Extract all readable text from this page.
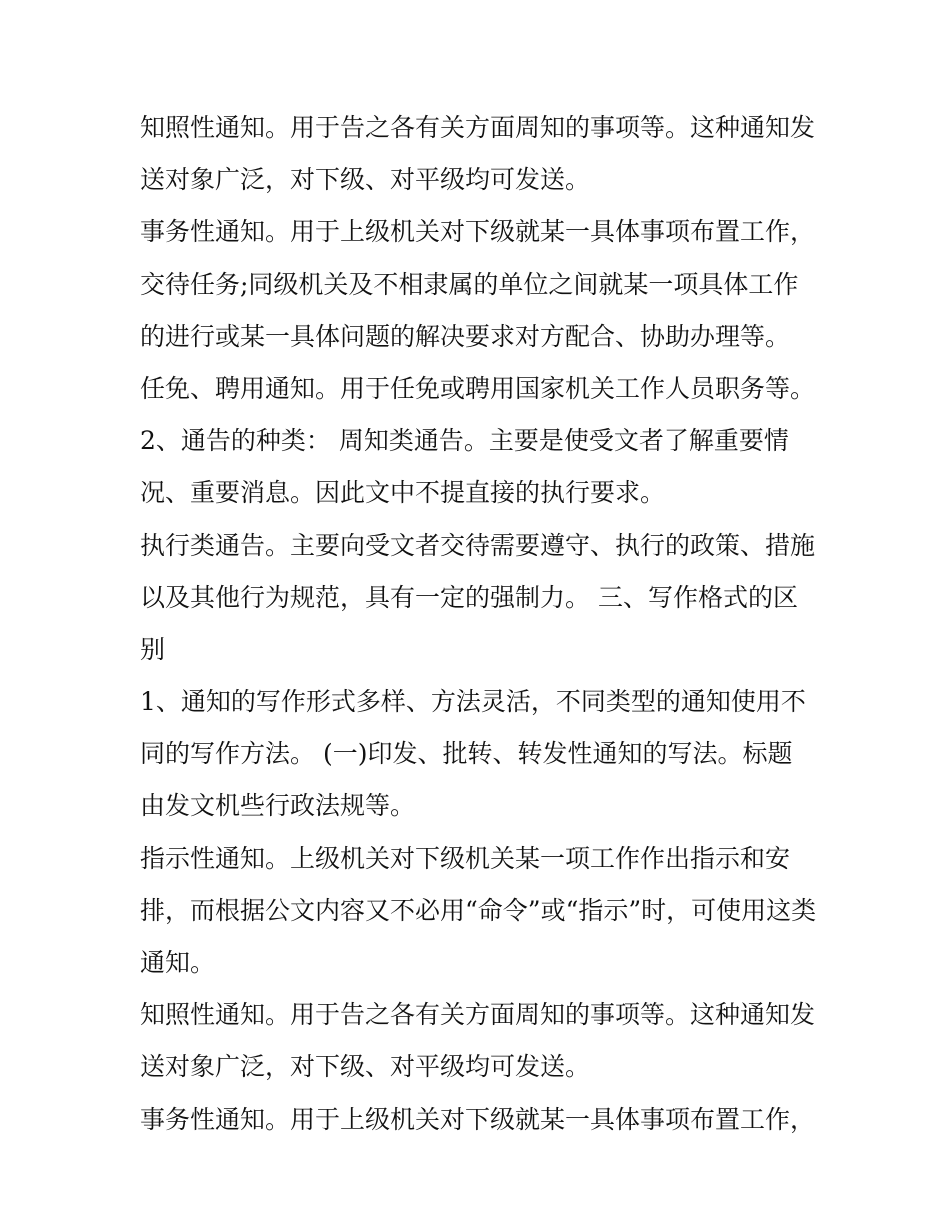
知照性通知。用于告之各有关方面周知的事项等。这种通知发
送对象广泛，对下级、对平级均可发送。
事务性通知。用于上级机关对下级就某一具体事项布置工作，
交待任务;同级机关及不相隶属的单位之间就某一项具体工作
的进行或某一具体问题的解决要求对方配合、协助办理等。
任免、聘用通知。用于任免或聘用国家机关工作人员职务等。
2、通告的种类： 周知类通告。主要是使受文者了解重要情
况、重要消息。因此文中不提直接的执行要求。
执行类通告。主要向受文者交待需要遵守、执行的政策、措施
以及其他行为规范，具有一定的强制力。 三、写作格式的区
别
1、通知的写作形式多样、方法灵活，不同类型的通知使用不
同的写作方法。 (一)印发、批转、转发性通知的写法。标题
由发文机些行政法规等。
指示性通知。上级机关对下级机关某一项工作作出指示和安
排，而根据公文内容又不必用“命令”或“指示”时，可使用这类
通知。
知照性通知。用于告之各有关方面周知的事项等。这种通知发
送对象广泛，对下级、对平级均可发送。
事务性通知。用于上级机关对下级就某一具体事项布置工作，
